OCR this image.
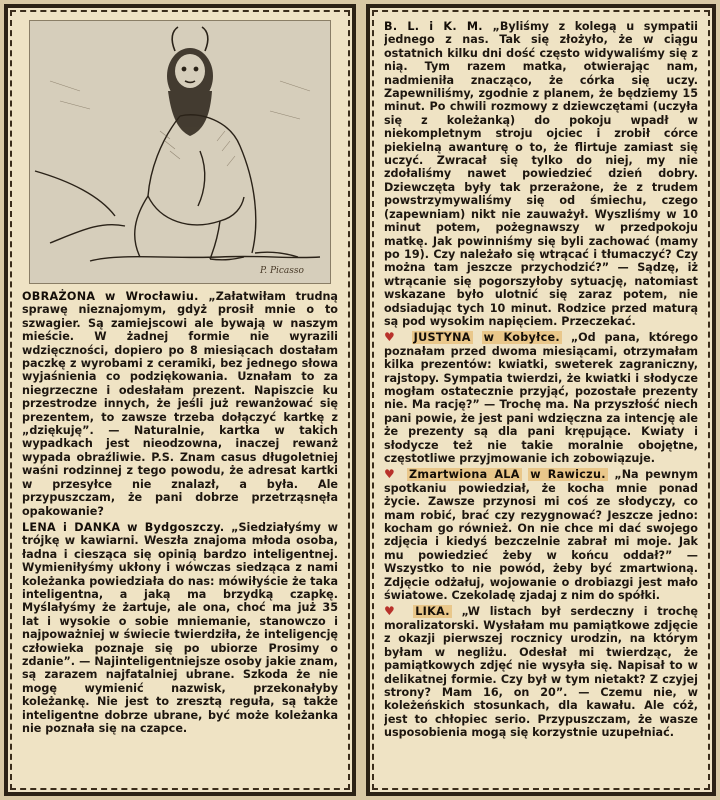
P. Picasso

OBRAŻONA w Wrocławiu. „Załatwiłam trudną sprawę nieznajomym, gdyż prosił mnie o to szwagier. Są zamiejscowi ale bywają w naszym mieście. W żadnej formie nie wyrazili wdzięczności, dopiero po 8 miesiącach dostałam paczkę z wyrobami z ceramiki, bez jednego słowa wyjaśnienia co podziękowania. Uznałam to za niegrzeczne i odesłałam prezent. Napiszcie ku przestrodze innych, że jeśli już rewanżować się prezentem, to zawsze trzeba dołączyć kartkę z „dziękuję”. — Naturalnie, kartka w takich wypadkach jest nieodzowna, inaczej rewanż wypada obraźliwie. P.S. Znam casus długoletniej waśni rodzinnej z tego powodu, że adresat kartki w przesyłce nie znalazł, a była. Ale przypuszczam, że pani dobrze przetrząsnęła opakowanie?

LENA i DANKA w Bydgoszczy. „Siedziałyśmy w trójkę w kawiarni. Weszła znajoma młoda osoba, ładna i ciesząca się opinią bardzo inteligentnej. Wymieniłyśmy ukłony i wówczas siedząca z nami koleżanka powiedziała do nas: mówiłyście że taka inteligentna, a jaką ma brzydką czapkę. Myślałyśmy że żartuje, ale ona, choć ma już 35 lat i wysokie o sobie mniemanie, stanowczo i najpoważniej w świecie twierdziła, że inteligencję człowieka poznaje się po ubiorze Prosimy o zdanie”. — Najinteligentniejsze osoby jakie znam, są zarazem najfatalniej ubrane. Szkoda że nie mogę wymienić nazwisk, przekonałyby koleżankę. Nie jest to zresztą reguła, są także inteligentne dobrze ubrane, być może koleżanka nie poznała się na czapce.

B. L. i K. M. „Byliśmy z kolegą u sympatii jednego z nas. Tak się złożyło, że w ciągu ostatnich kilku dni dość często widywaliśmy się z nią. Tym razem matka, otwierając nam, nadmieniła znacząco, że córka się uczy. Zapewniliśmy, zgodnie z planem, że będziemy 15 minut. Po chwili rozmowy z dziewczętami (uczyła się z koleżanką) do pokoju wpadł w niekompletnym stroju ojciec i zrobił córce piekielną awanturę o to, że flirtuje zamiast się uczyć. Zwracał się tylko do niej, my nie zdołaliśmy nawet powiedzieć dzień dobry. Dziewczęta były tak przerażone, że z trudem powstrzymywaliśmy się od śmiechu, czego (zapewniam) nikt nie zauważył. Wyszliśmy w 10 minut potem, pożegnawszy w przedpokoju matkę. Jak powinniśmy się byli zachować (mamy po 19). Czy należało się wtrącać i tłumaczyć? Czy można tam jeszcze przychodzić?” — Sądzę, iż wtrącanie się pogorszyłoby sytuację, natomiast wskazane było ulotnić się zaraz potem, nie odsiadując tych 10 minut. Rodzice przed maturą są pod wysokim napięciem. Przeczekać.

♥ JUSTYNA w Kobyłce. „Od pana, którego poznałam przed dwoma miesiącami, otrzymałam kilka prezentów: kwiatki, sweterek zagraniczny, rajstopy. Sympatia twierdzi, że kwiatki i słodycze mogłam ostatecznie przyjąć, pozostałe prezenty nie. Ma rację?” — Trochę ma. Na przyszłość niech pani powie, że jest pani wdzięczna za intencję ale że prezenty są dla pani krępujące. Kwiaty i słodycze też nie takie moralnie obojętne, częstotliwe przyjmowanie ich zobowiązuje.

♥ Zmartwiona ALA w Rawiczu. „Na pewnym spotkaniu powiedział, że kocha mnie ponad życie. Zawsze przynosi mi coś ze słodyczy, co mam robić, brać czy rezygnować? Jeszcze jedno: kocham go również. On nie chce mi dać swojego zdjęcia i kiedyś bezczelnie zabrał mi moje. Jak mu powiedzieć żeby w końcu oddał?” — Wszystko to nie powód, żeby być zmartwioną. Zdjęcie odżałuj, wojowanie o drobiazgi jest mało światowe. Czekoladę zjadaj z nim do spółki.

♥ LIKA. „W listach był serdeczny i trochę moralizatorski. Wysłałam mu pamiątkowe zdjęcie z okazji pierwszej rocznicy urodzin, na którym byłam w negliżu. Odesłał mi twierdząc, że pamiątkowych zdjęć nie wysyła się. Napisał to w delikatnej formie. Czy był w tym nietakt? Z czyjej strony? Mam 16, on 20”. — Czemu nie, w koleżeńskich stosunkach, dla kawału. Ale cóż, jest to chłopiec serio. Przypuszczam, że wasze usposobienia mogą się korzystnie uzupełniać.
